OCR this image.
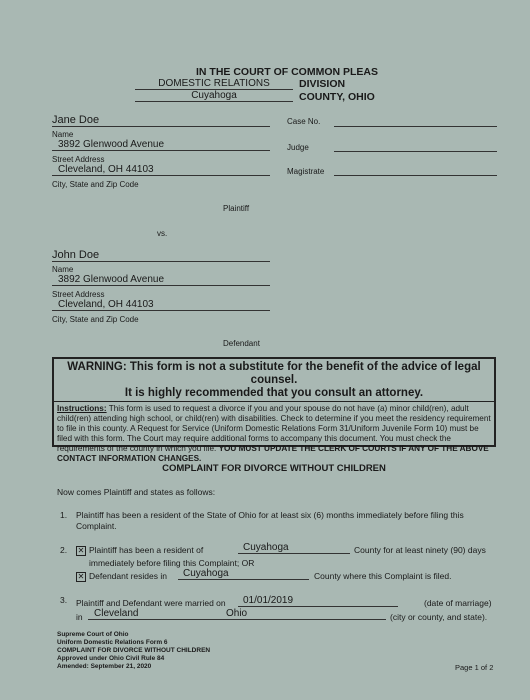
IN THE COURT OF COMMON PLEAS
DOMESTIC RELATIONS	DIVISION
Cuyahoga	COUNTY, OHIO
Jane Doe
Name
3892 Glenwood Avenue
Street Address
Cleveland, OH 44103
City, State and Zip Code
Plaintiff
Case No.
Judge
Magistrate
vs.
John Doe
Name
3892 Glenwood Avenue
Street Address
Cleveland, OH 44103
City, State and Zip Code
Defendant
WARNING: This form is not a substitute for the benefit of the advice of legal counsel.
It is highly recommended that you consult an attorney.
Instructions: This form is used to request a divorce if you and your spouse do not have (a) minor child(ren), adult child(ren) attending high school, or child(ren) with disabilities. Check to determine if you meet the residency requirement to file in this county. A Request for Service (Uniform Domestic Relations Form 31/Uniform Juvenile Form 10) must be filed with this form. The Court may require additional forms to accompany this document. You must check the requirements of the county in which you file. YOU MUST UPDATE THE CLERK OF COURTS IF ANY OF THE ABOVE CONTACT INFORMATION CHANGES.
COMPLAINT FOR DIVORCE WITHOUT CHILDREN
Now comes Plaintiff and states as follows:
1. Plaintiff has been a resident of the State of Ohio for at least six (6) months immediately before filing this Complaint.
2. ✕ Plaintiff has been a resident of	Cuyahoga	County for at least ninety (90) days
immediately before filing this Complaint; OR
✕ Defendant resides in	Cuyahoga	County where this Complaint is filed.
3. Plaintiff and Defendant were married on	01/01/2019	(date of marriage)
in	Cleveland	Ohio	(city or county, and state).
Supreme Court of Ohio
Uniform Domestic Relations Form 6
COMPLAINT FOR DIVORCE WITHOUT CHILDREN
Approved under Ohio Civil Rule 84
Amended: September 21, 2020	Page 1 of 2
